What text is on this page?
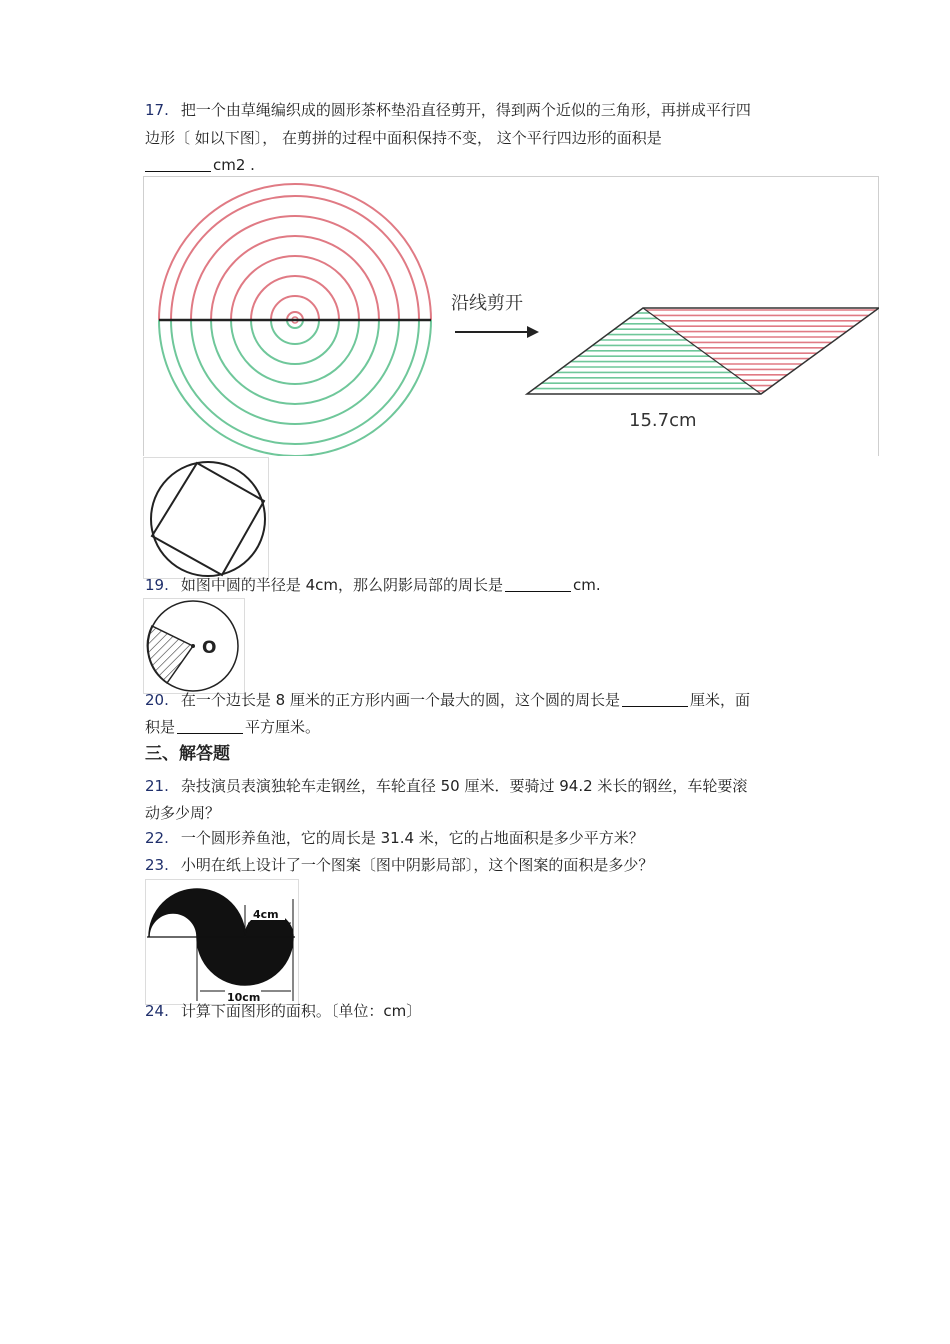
17. 把一个由草绳编织成的圆形茶杯垫沿直径剪开，得到两个近似的三角形，再拼成平行四
边形〔 如以下图〕， 在剪拼的过程中面积保持不变， 这个平行四边形的面积是
cm2 .
沿线剪开
15.7cm
19. 如图中圆的半径是 4cm，那么阴影局部的周长是	cm.
O
20. 在一个边长是 8 厘米的正方形内画一个最大的圆，这个圆的周长是	厘米，面
积是	平方厘米。
三、解答题
21. 杂技演员表演独轮车走钢丝，车轮直径 50 厘米．要骑过 94.2 米长的钢丝，车轮要滚
动多少周？
22. 一个圆形养鱼池，它的周长是 31.4 米，它的占地面积是多少平方米？
23. 小明在纸上设计了一个图案〔图中阴影局部〕，这个图案的面积是多少？
4cm
10cm
24. 计算下面图形的面积。〔单位：cm〕
